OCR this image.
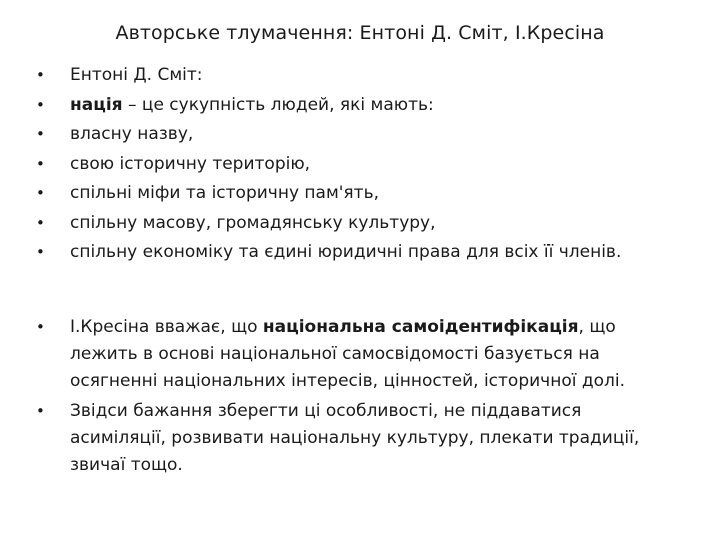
Авторське тлумачення: Ентоні Д. Сміт, І.Кресіна
• Ентоні Д. Сміт:
• нація – це сукупність людей, які мають:
• власну назву,
• свою історичну територію,
• спільні міфи та історичну пам'ять,
• спільну масову, громадянську культуру,
• спільну економіку та єдині юридичні права для всіх її членів.
• І.Кресіна вважає, що національна самоідентифікація, що лежить в основі національної самосвідомості базується на осягненні національних інтересів, цінностей, історичної долі.
• Звідси бажання зберегти ці особливості, не піддаватися асиміляції, розвивати національну культуру, плекати традиції, звичаї тощо.
